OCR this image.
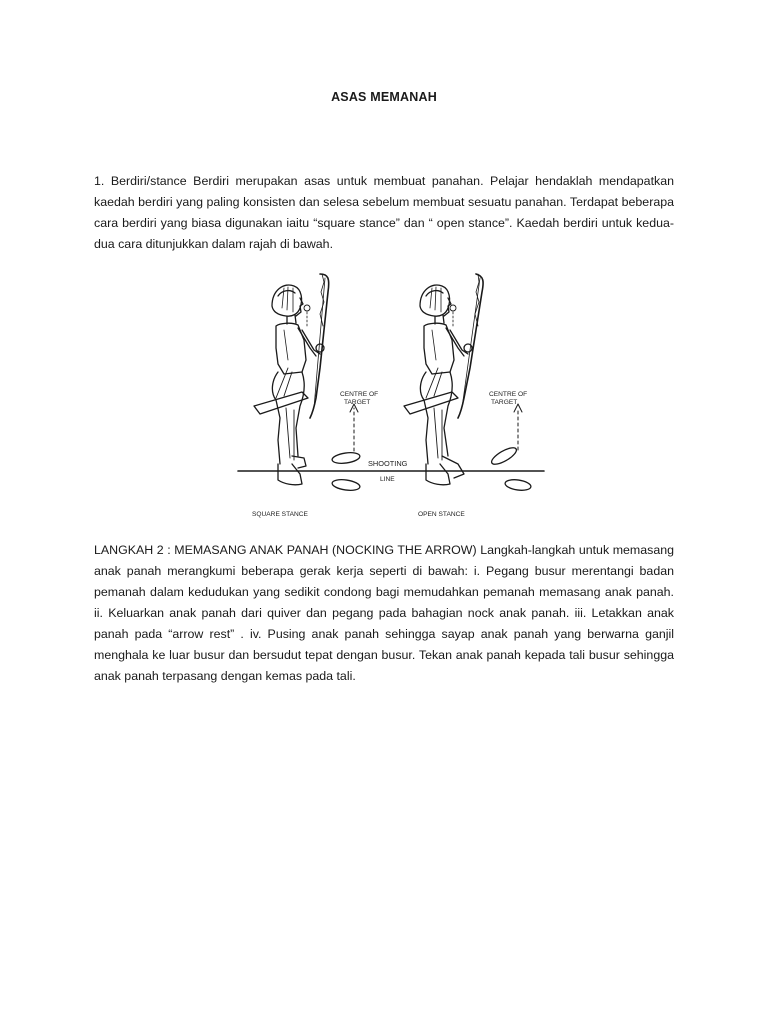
ASAS MEMANAH
1. Berdiri/stance Berdiri merupakan asas untuk membuat panahan. Pelajar hendaklah mendapatkan kaedah berdiri yang paling konsisten dan selesa sebelum membuat sesuatu panahan. Terdapat beberapa cara berdiri yang biasa digunakan iaitu “square stance” dan “ open stance”. Kaedah berdiri untuk kedua-dua cara ditunjukkan dalam rajah di bawah.
CENTRE OF
TARGET
CENTRE OF
TARGET
SHOOTING
LINE
SQUARE STANCE	OPEN STANCE
LANGKAH 2 : MEMASANG ANAK PANAH (NOCKING THE ARROW) Langkah-langkah untuk memasang anak panah merangkumi beberapa gerak kerja seperti di bawah: i. Pegang busur merentangi badan pemanah dalam kedudukan yang sedikit condong bagi memudahkan pemanah memasang anak panah. ii. Keluarkan anak panah dari quiver dan pegang pada bahagian nock anak panah. iii. Letakkan anak panah pada “arrow rest” . iv. Pusing anak panah sehingga sayap anak panah yang berwarna ganjil menghala ke luar busur dan bersudut tepat dengan busur. Tekan anak panah kepada tali busur sehingga anak panah terpasang dengan kemas pada tali.
